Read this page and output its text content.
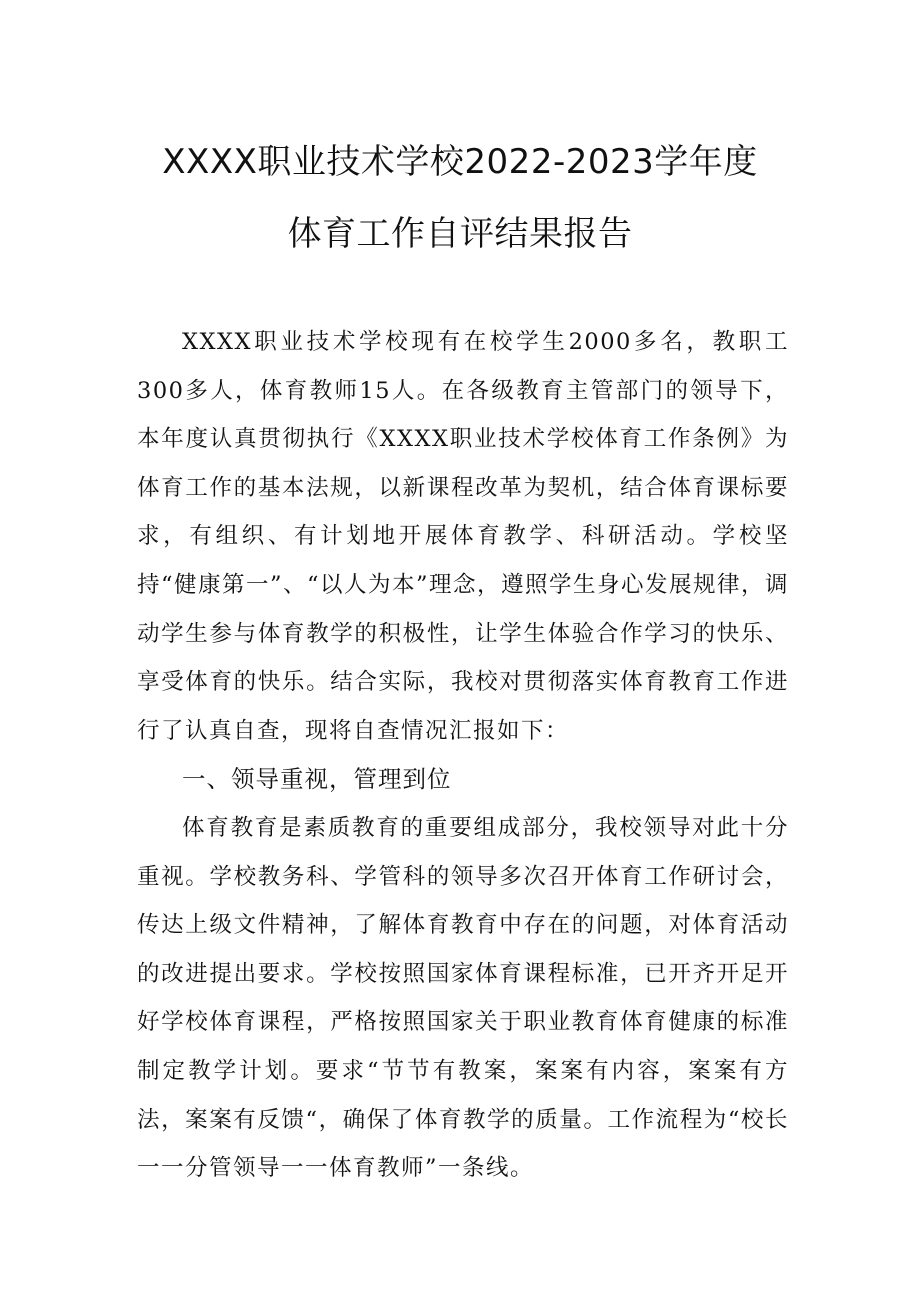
XXXX职业技术学校2022-2023学年度
体育工作自评结果报告

XXXX职业技术学校现有在校学生2000多名，教职工300多人，体育教师15人。在各级教育主管部门的领导下，本年度认真贯彻执行《XXXX职业技术学校体育工作条例》为体育工作的基本法规，以新课程改革为契机，结合体育课标要求，有组织、有计划地开展体育教学、科研活动。学校坚持“健康第一”、“以人为本”理念，遵照学生身心发展规律，调动学生参与体育教学的积极性，让学生体验合作学习的快乐、享受体育的快乐。结合实际，我校对贯彻落实体育教育工作进行了认真自查，现将自查情况汇报如下：

一、领导重视，管理到位

体育教育是素质教育的重要组成部分，我校领导对此十分重视。学校教务科、学管科的领导多次召开体育工作研讨会，传达上级文件精神，了解体育教育中存在的问题，对体育活动的改进提出要求。学校按照国家体育课程标准，已开齐开足开好学校体育课程，严格按照国家关于职业教育体育健康的标准制定教学计划。要求“节节有教案，案案有内容，案案有方法，案案有反馈“，确保了体育教学的质量。工作流程为“校长一一分管领导一一体育教师”一条线。
